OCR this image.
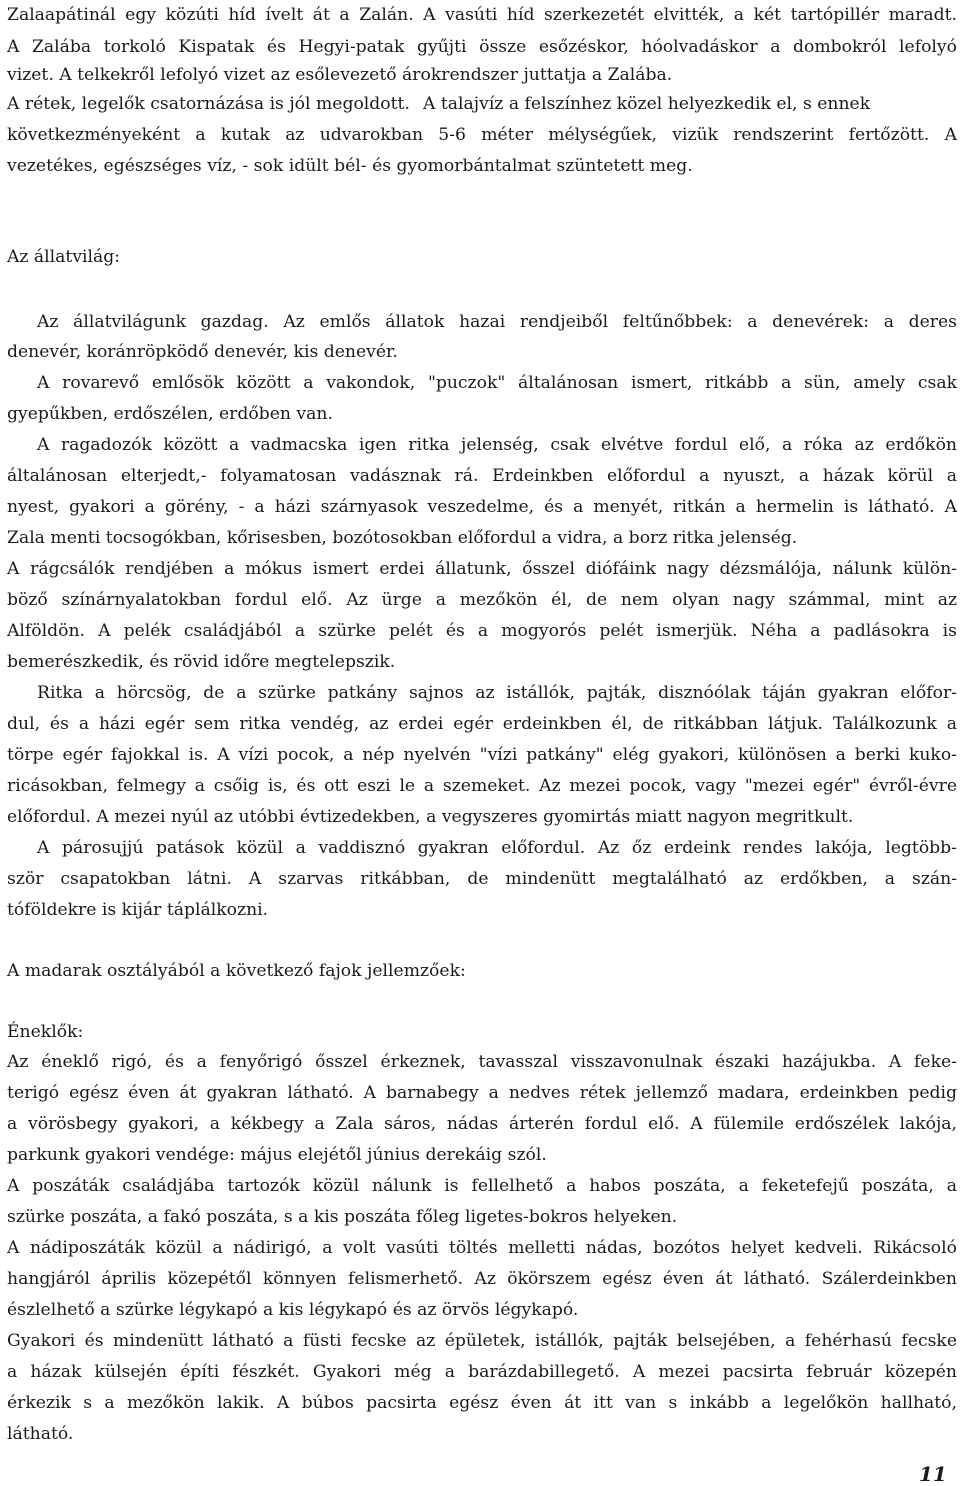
Zalaapátinál egy közúti híd ívelt át a Zalán. A vasúti híd szerkezetét elvitték, a két tartópillér maradt.
A Zalába torkoló Kispatak és Hegyi-patak gyűjti össze esőzéskor, hóolvadáskor a dombokról lefolyó
vizet. A telkekről lefolyó vizet az esőlevezető árokrendszer juttatja a Zalába.
A rétek, legelők csatornázása is jól megoldott. A talajvíz a felszínhez közel helyezkedik el, s ennek
következményeként a kutak az udvarokban 5-6 méter mélységűek, vizük rendszerint fertőzött. A
vezetékes, egészséges víz, - sok idült bél- és gyomorbántalmat szüntetett meg.
Az állatvilág:
Az állatvilágunk gazdag. Az emlős állatok hazai rendjeiből feltűnőbbek: a denevérek: a deres
denevér, koránröpködő denevér, kis denevér.
A rovarevő emlősök között a vakondok, "puczok" általánosan ismert, ritkább a sün, amely csak
gyepűkben, erdőszélen, erdőben van.
A ragadozók között a vadmacska igen ritka jelenség, csak elvétve fordul elő, a róka az erdőkön
általánosan elterjedt,- folyamatosan vadásznak rá. Erdeinkben előfordul a nyuszt, a házak körül a
nyest, gyakori a görény, - a házi szárnyasok veszedelme, és a menyét, ritkán a hermelin is látható. A
Zala menti tocsogókban, kőrisesben, bozótosokban előfordul a vidra, a borz ritka jelenség.
A rágcsálók rendjében a mókus ismert erdei állatunk, ősszel diófáink nagy dézsmálója, nálunk külön-
böző színárnyalatokban fordul elő. Az ürge a mezőkön él, de nem olyan nagy számmal, mint az
Alföldön. A pelék családjából a szürke pelét és a mogyorós pelét ismerjük. Néha a padlásokra is
bemerészkedik, és rövid időre megtelepszik.
Ritka a hörcsög, de a szürke patkány sajnos az istállók, pajták, disznóólak táján gyakran előfor-
dul, és a házi egér sem ritka vendég, az erdei egér erdeinkben él, de ritkábban látjuk. Találkozunk a
törpe egér fajokkal is. A vízi pocok, a nép nyelvén "vízi patkány" elég gyakori, különösen a berki kuko-
ricásokban, felmegy a csőig is, és ott eszi le a szemeket. Az mezei pocok, vagy "mezei egér" évről-évre
előfordul. A mezei nyúl az utóbbi évtizedekben, a vegyszeres gyomirtás miatt nagyon megritkult.
A párosujjú patások közül a vaddisznó gyakran előfordul. Az őz erdeink rendes lakója, legtöbb-
ször csapatokban látni. A szarvas ritkábban, de mindenütt megtalálható az erdőkben, a szán-
tóföldekre is kijár táplálkozni.
A madarak osztályából a következő fajok jellemzőek:
Éneklők:
Az éneklő rigó, és a fenyőrigó ősszel érkeznek, tavasszal visszavonulnak északi hazájukba. A feke-
terigó egész éven át gyakran látható. A barnabegy a nedves rétek jellemző madara, erdeinkben pedig
a vörösbegy gyakori, a kékbegy a Zala sáros, nádas árterén fordul elő. A fülemile erdőszélek lakója,
parkunk gyakori vendége: május elejétől június derekáig szól.
A poszáták családjába tartozók közül nálunk is fellelhető a habos poszáta, a feketefejű poszáta, a
szürke poszáta, a fakó poszáta, s a kis poszáta főleg ligetes-bokros helyeken.
A nádiposzáták közül a nádirigó, a volt vasúti töltés melletti nádas, bozótos helyet kedveli. Rikácsoló
hangjáról április közepétől könnyen felismerhető. Az ökörszem egész éven át látható. Szálerdeinkben
észlelhető a szürke légykapó a kis légykapó és az örvös légykapó.
Gyakori és mindenütt látható a füsti fecske az épületek, istállók, pajták belsejében, a fehérhasú fecske
a házak külsején építi fészkét. Gyakori még a barázdabillegető. A mezei pacsirta február közepén
érkezik s a mezőkön lakik. A búbos pacsirta egész éven át itt van s inkább a legelőkön hallható,
látható.
11
